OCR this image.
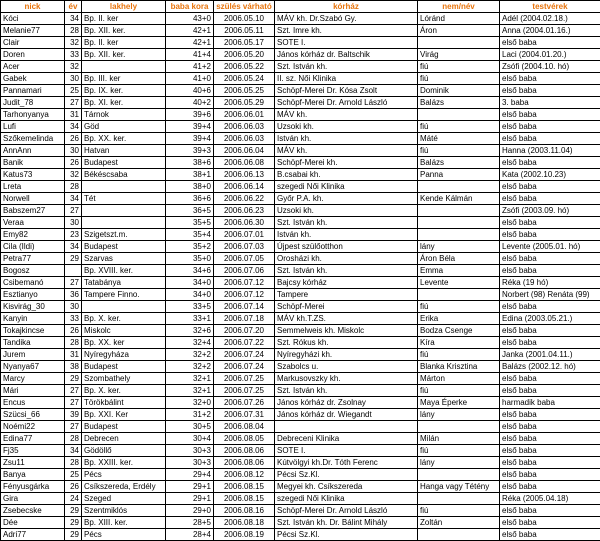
nick	év	lakhely	baba kora	szülés várható	kórház	nem/név	testvérek
Kóci	34	Bp. II. ker	43+0	2006.05.10	MÁV kh. Dr.Szabó Gy.	Lóránd	Adél (2004.02.18.)
Melanie77	28	Bp. XII. ker.	42+1	2006.05.11	Szt. Imre kh.	Áron	Anna (2004.01.16.)
Clair	32	Bp. II. ker	42+1	2006.05.17	SOTE I.		első baba
Doren	33	Bp. XII. ker.	41+4	2006.05.20	János kórház dr. Baltschik	Virág	Laci (2004.01.20.)
Acer	32		41+2	2006.05.22	Szt. István kh.	fiú	Zsófi (2004.10. hó)
Gabek	30	Bp. III. ker	41+0	2006.05.24	II. sz. Női Klinika	fiú	első baba
Pannamari	25	Bp. IX. ker.	40+6	2006.05.25	Schöpf-Merei Dr. Kósa Zsolt	Dominik	első baba
Judit_78	27	Bp. XI. ker.	40+2	2006.05.29	Schöpf-Merei Dr. Arnold László	Balázs	3. baba
Tarhonyanya	31	Tárnok	39+6	2006.06.01	MÁV kh.		első baba
Lufi	34	Göd	39+4	2006.06.03	Uzsoki kh.	fiú	első baba
Szőkemelinda	26	Bp. XX. ker.	39+4	2006.06.03	István kh.	Máté	első baba
AnnAnn	30	Hatvan	39+3	2006.06.04	MÁV kh.	fiú	Hanna (2003.11.04)
Banik	26	Budapest	38+6	2006.06.08	Schöpf-Merei kh.	Balázs	első baba
Katus73	32	Békéscsaba	38+1	2006.06.13	B.csabai kh.	Panna	Kata (2002.10.23)
Lreta	28		38+0	2006.06.14	szegedi Női Klinika		első baba
Norwell	34	Tét	36+6	2006.06.22	Győr P.A. kh.	Kende Kálmán	első baba
Babszem27	27		36+5	2006.06.23	Uzsoki kh.		Zsófi (2003.09. hó)
Veraa	30		35+5	2006.06.30	Szt. István kh.		első baba
Emy82	23	Szigetszt.m.	35+4	2006.07.01	István kh.		első baba
Cila (Ildi)	34	Budapest	35+2	2006.07.03	Újpest szülőotthon	lány	Levente (2005.01. hó)
Petra77	29	Szarvas	35+0	2006.07.05	Orosházi kh.	Áron Béla	első baba
Bogosz		Bp. XVIII. ker.	34+6	2006.07.06	Szt. István kh.	Emma	első baba
Csibemanó	27	Tatabánya	34+0	2006.07.12	Bajcsy kórház	Levente	Réka (19 hó)
Esztianyo	36	Tampere Finno.	34+0	2006.07.12	Tampere		Norbert (98) Renáta (99)
Kisvirág_30	30		33+5	2006.07.14	Schöpf-Merei	fiú	első baba
Kanyin	33	Bp. X. ker.	33+1	2006.07.18	MÁV kh.T.ZS.	Erika	Edina (2003.05.21.)
Tokajkincse	26	Miskolc	32+6	2006.07.20	Semmelweis kh. Miskolc	Bodza Csenge	első baba
Tandika	28	Bp. XX. ker	32+4	2006.07.22	Szt. Rókus kh.	Kíra	első baba
Jurem	31	Nyíregyháza	32+2	2006.07.24	Nyíregyházi kh.	fiú	Janka (2001.04.11.)
Nyanya67	38	Budapest	32+2	2006.07.24	Szabolcs u.	Blanka Krisztina	Balázs (2002.12. hó)
Marcy	29	Szombathely	32+1	2006.07.25	Markusovszky kh.	Márton	első baba
Mári	27	Bp. X. ker.	32+1	2006.07.25	Szt. István kh.	fiú	első baba
Encus	27	Törökbálint	32+0	2006.07.26	János kórház dr. Zsolnay	Maya Éperke	harmadik baba
Szücsi_66	39	Bp. XXI. Ker	31+2	2006.07.31	János kórház dr. Wiegandt	lány	első baba
Noémi22	27	Budapest	30+5	2006.08.04			első baba
Edina77	28	Debrecen	30+4	2006.08.05	Debreceni Klinika	Milán	első baba
Fj35	34	Gödöllő	30+3	2006.08.06	SOTE I.	fiú	első baba
Zsu11	28	Bp. XXIII. ker.	30+3	2006.08.06	Kútvölgyi kh.Dr. Tóth Ferenc	lány	első baba
Banya	25	Pécs	29+4	2006.08.12	Pécsi Sz.Kl.		első baba
Fényusgárka	26	Csíkszereda, Erdély	29+1	2006.08.15	Megyei kh. Csíkszereda	Hanga vagy Tétény	első baba
Gira	24	Szeged	29+1	2006.08.15	szegedi Női Klinika		Réka (2005.04.18)
Zsebecske	29	Szentmiklós	29+0	2006.08.16	Schöpf-Merei Dr. Arnold László	fiú	első baba
Dée	29	Bp. XIII. ker.	28+5	2006.08.18	Szt. István kh. Dr. Bálint Mihály	Zoltán	első baba
Adri77	29	Pécs	28+4	2006.08.19	Pécsi Sz.Kl.		első baba
